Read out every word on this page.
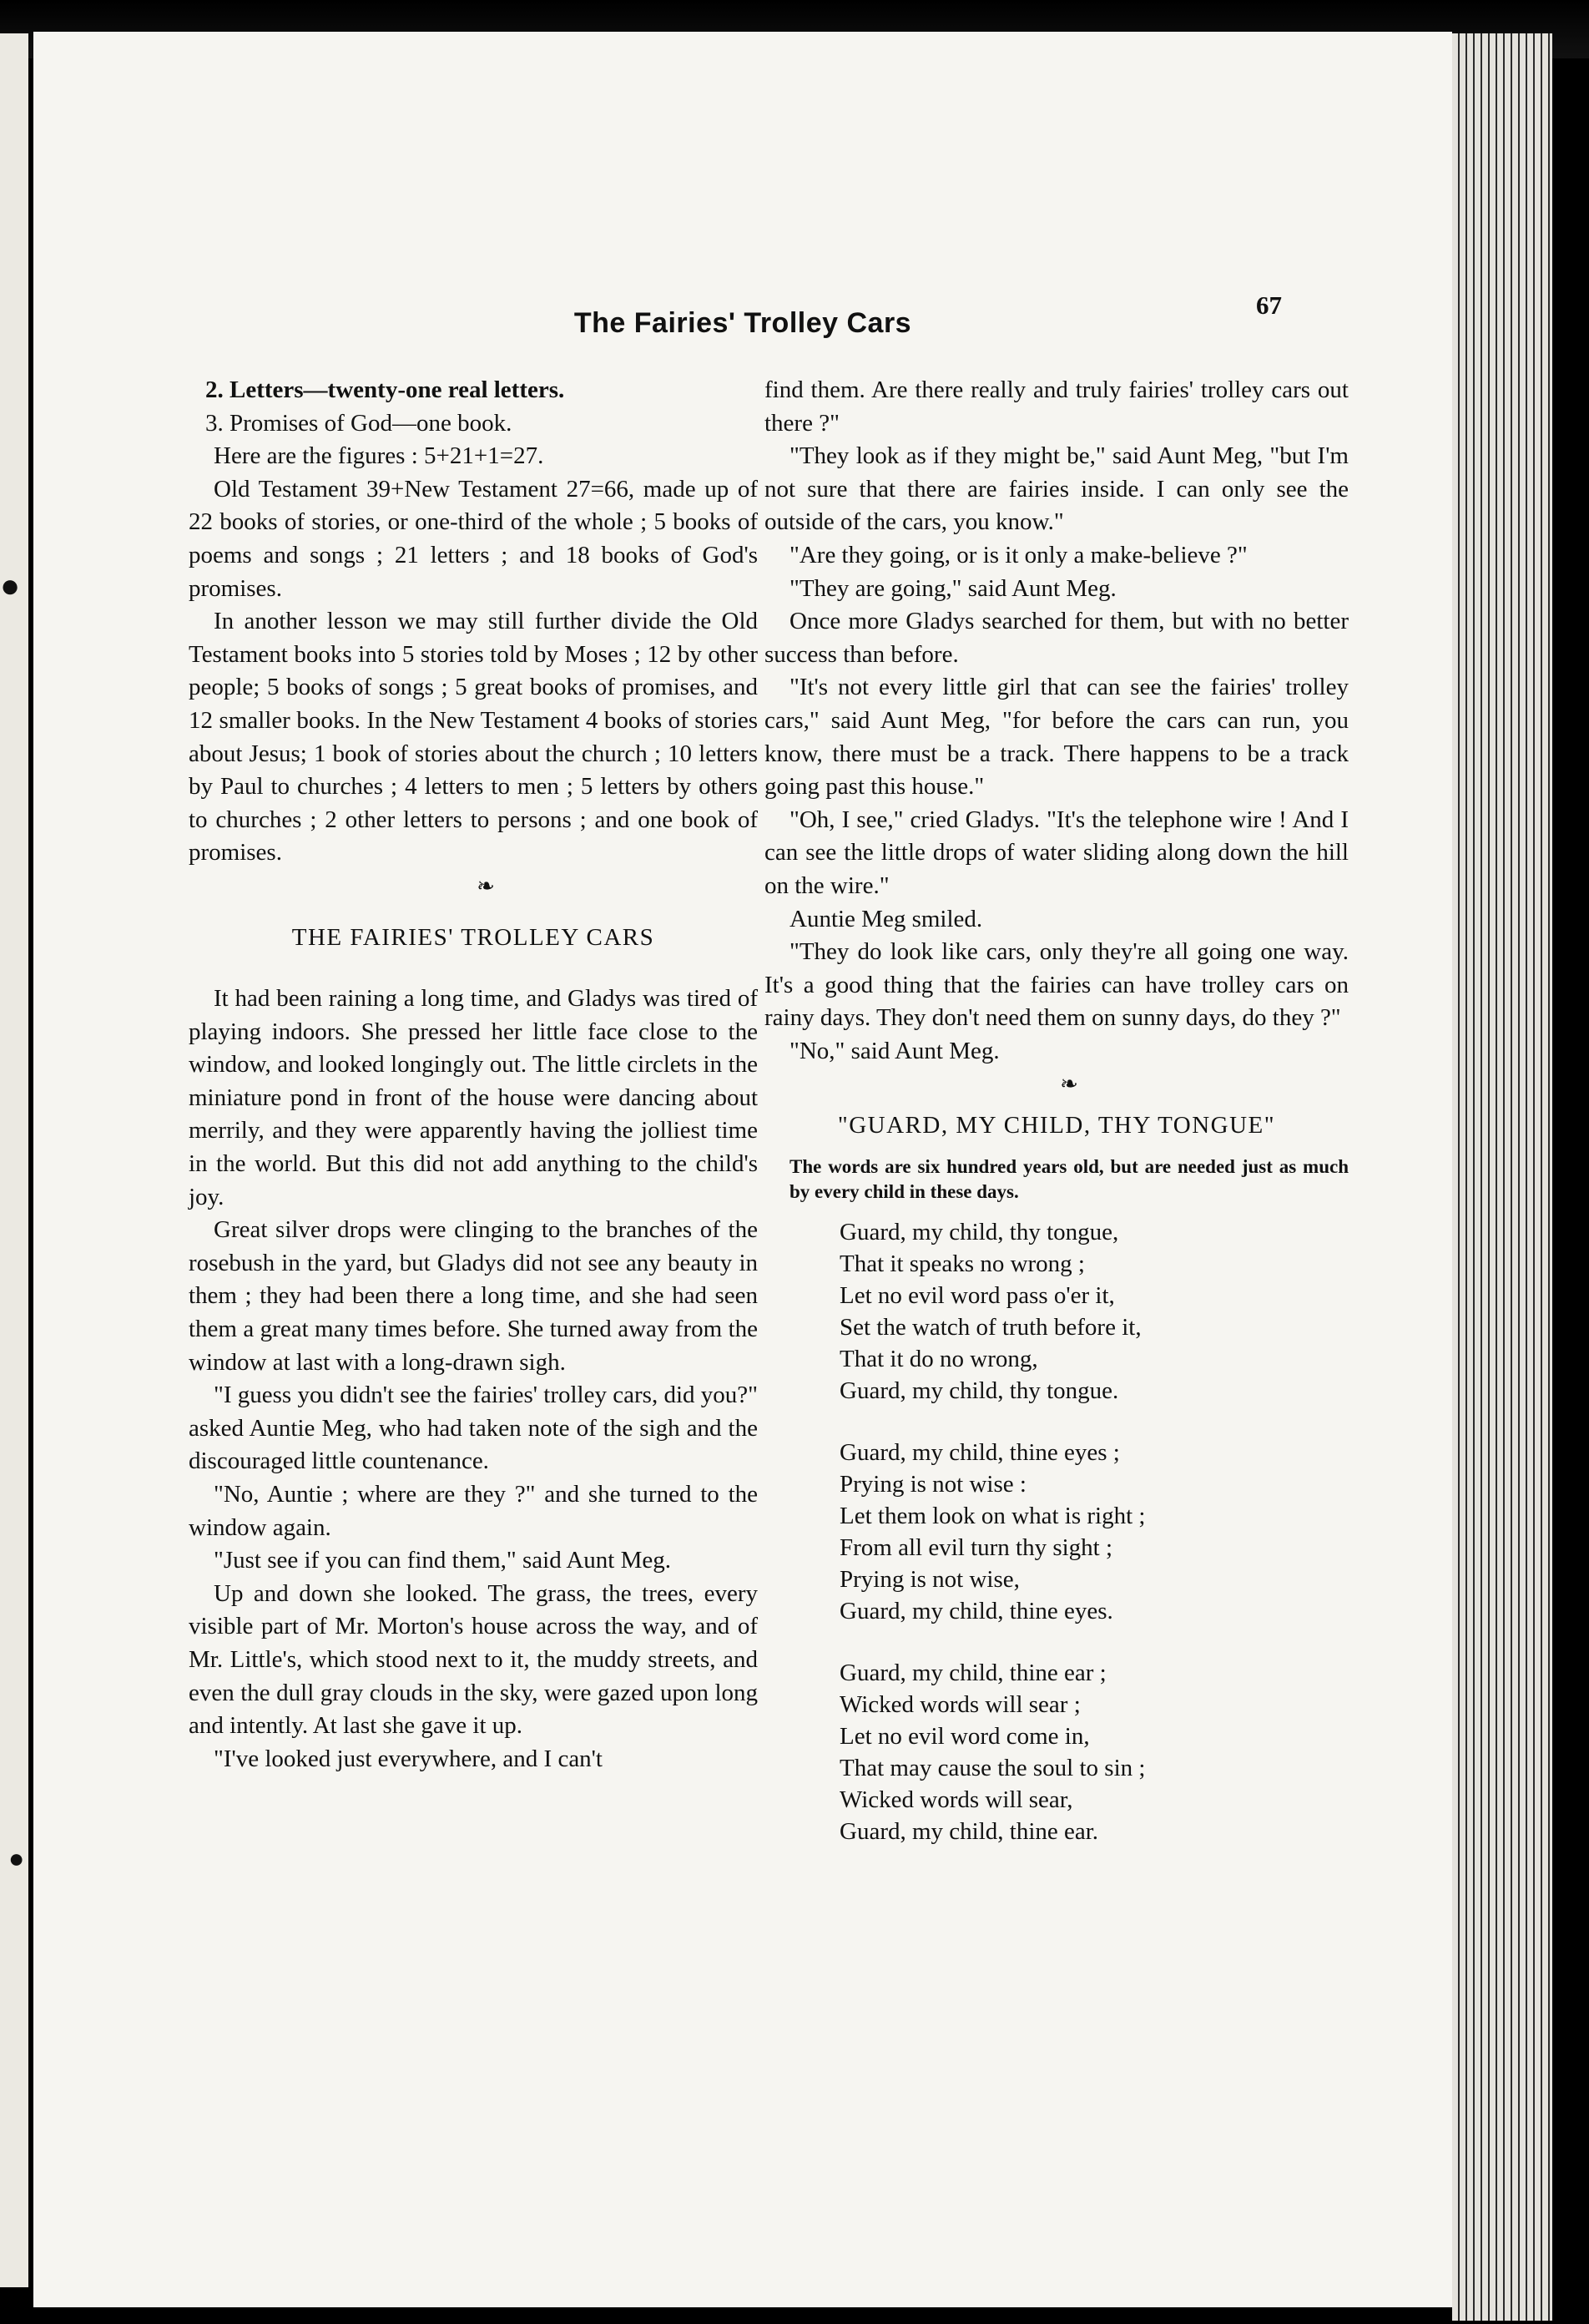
The Fairies' Trolley Cars
67
●
●

2. Letters—twenty-one real letters.

3. Promises of God—one book.

Here are the figures : 5+21+1=27.

Old Testament 39+New Testament 27=66, made up of 22 books of stories, or one-third of the whole ; 5 books of poems and songs ; 21 letters ; and 18 books of God's promises.

In another lesson we may still further divide the Old Testament books into 5 stories told by Moses ; 12 by other people; 5 books of songs ; 5 great books of promises, and 12 smaller books. In the New Testament 4 books of stories about Jesus; 1 book of stories about the church ; 10 letters by Paul to churches ; 4 letters to men ; 5 letters by others to churches ; 2 other letters to persons ; and one book of promises.

❧

THE FAIRIES' TROLLEY CARS

It had been raining a long time, and Gladys was tired of playing indoors. She pressed her little face close to the window, and looked longingly out. The little circlets in the miniature pond in front of the house were dancing about merrily, and they were apparently having the jolliest time in the world. But this did not add anything to the child's joy.

Great silver drops were clinging to the branches of the rosebush in the yard, but Gladys did not see any beauty in them ; they had been there a long time, and she had seen them a great many times before. She turned away from the window at last with a long-drawn sigh.

"I guess you didn't see the fairies' trolley cars, did you?" asked Auntie Meg, who had taken note of the sigh and the discouraged little countenance.

"No, Auntie ; where are they ?" and she turned to the window again.

"Just see if you can find them," said Aunt Meg.

Up and down she looked. The grass, the trees, every visible part of Mr. Morton's house across the way, and of Mr. Little's, which stood next to it, the muddy streets, and even the dull gray clouds in the sky, were gazed upon long and intently. At last she gave it up.

"I've looked just everywhere, and I can't

find them. Are there really and truly fairies' trolley cars out there ?"

"They look as if they might be," said Aunt Meg, "but I'm not sure that there are fairies inside. I can only see the outside of the cars, you know."

"Are they going, or is it only a make-believe ?"

"They are going," said Aunt Meg.

Once more Gladys searched for them, but with no better success than before.

"It's not every little girl that can see the fairies' trolley cars," said Aunt Meg, "for before the cars can run, you know, there must be a track. There happens to be a track going past this house."

"Oh, I see," cried Gladys. "It's the telephone wire ! And I can see the little drops of water sliding along down the hill on the wire."

Auntie Meg smiled.

"They do look like cars, only they're all going one way. It's a good thing that the fairies can have trolley cars on rainy days. They don't need them on sunny days, do they ?"

"No," said Aunt Meg.

❧

"GUARD, MY CHILD, THY TONGUE"

The words are six hundred years old, but are needed just as much by every child in these days.

Guard, my child, thy tongue,
That it speaks no wrong ;
Let no evil word pass o'er it,
Set the watch of truth before it,
That it do no wrong,
Guard, my child, thy tongue.
Guard, my child, thine eyes ;
Prying is not wise :
Let them look on what is right ;
From all evil turn thy sight ;
Prying is not wise,
Guard, my child, thine eyes.
Guard, my child, thine ear ;
Wicked words will sear ;
Let no evil word come in,
That may cause the soul to sin ;
Wicked words will sear,
Guard, my child, thine ear.
